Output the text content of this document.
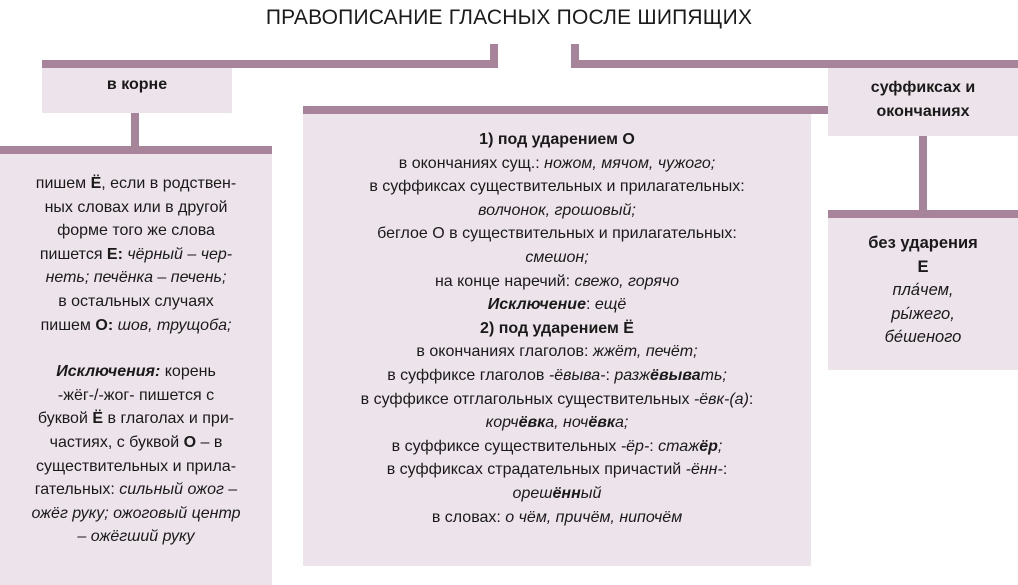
ПРАВОПИСАНИЕ ГЛАСНЫХ ПОСЛЕ ШИПЯЩИХ
в корне	суффиксах и
окончаниях
пишем Ё, если в родствен-
ных словах или в другой
форме того же слова
пишется Е: чёрный – чер-
неть; печёнка – печень;
в остальных случаях
пишем О: шов, трущоба;
Исключения: корень
-жёг-/-жог- пишется с
буквой Ё в глаголах и при-
частиях, с буквой О – в
существительных и прила-
гательных: сильный ожог –
ожёг руку; ожоговый центр
– ожёгший руку
1) под ударением О
в окончаниях сущ.: ножом, мячом, чужого;
в суффиксах существительных и прилагательных:
волчонок, грошовый;
беглое О в существительных и прилагательных:
смешон;
на конце наречий: свежо, горячо
Исключение: ещё
2) под ударением Ё
в окончаниях глаголов: жжёт, печёт;
в суффиксе глаголов -ёвыва-: разжёвывать;
в суффиксе отглагольных существительных -ёвк-(а):
корчёвка, ночёвка;
в суффиксе существительных -ёр-: стажёр;
в суффиксах страдательных причастий -ённ-:
орешённый
в словах: о чём, причём, нипочём
без ударения
Е
пла́чем,
ры́жего,
бе́шеного
